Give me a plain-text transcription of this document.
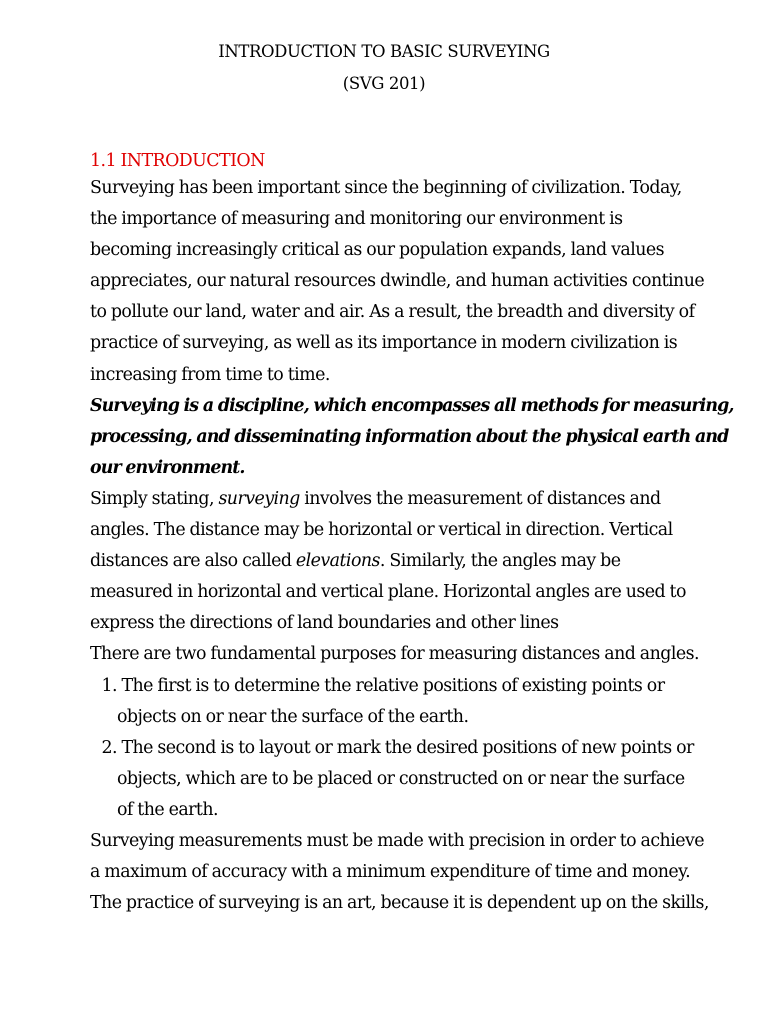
INTRODUCTION TO BASIC SURVEYING
(SVG 201)
1.1 INTRODUCTION
Surveying has been important since the beginning of civilization. Today,
the importance of measuring and monitoring our environment is
becoming increasingly critical as our population expands, land values
appreciates, our natural resources dwindle, and human activities continue
to pollute our land, water and air. As a result, the breadth and diversity of
practice of surveying, as well as its importance in modern civilization is
increasing from time to time.
Surveying is a discipline, which encompasses all methods for measuring,
processing, and disseminating information about the physical earth and
our environment.
Simply stating, surveying involves the measurement of distances and
angles. The distance may be horizontal or vertical in direction. Vertical
distances are also called elevations. Similarly, the angles may be
measured in horizontal and vertical plane. Horizontal angles are used to
express the directions of land boundaries and other lines
There are two fundamental purposes for measuring distances and angles.
1. The first is to determine the relative positions of existing points or
objects on or near the surface of the earth.
2. The second is to layout or mark the desired positions of new points or
objects, which are to be placed or constructed on or near the surface
of the earth.
Surveying measurements must be made with precision in order to achieve
a maximum of accuracy with a minimum expenditure of time and money.
The practice of surveying is an art, because it is dependent up on the skills,
